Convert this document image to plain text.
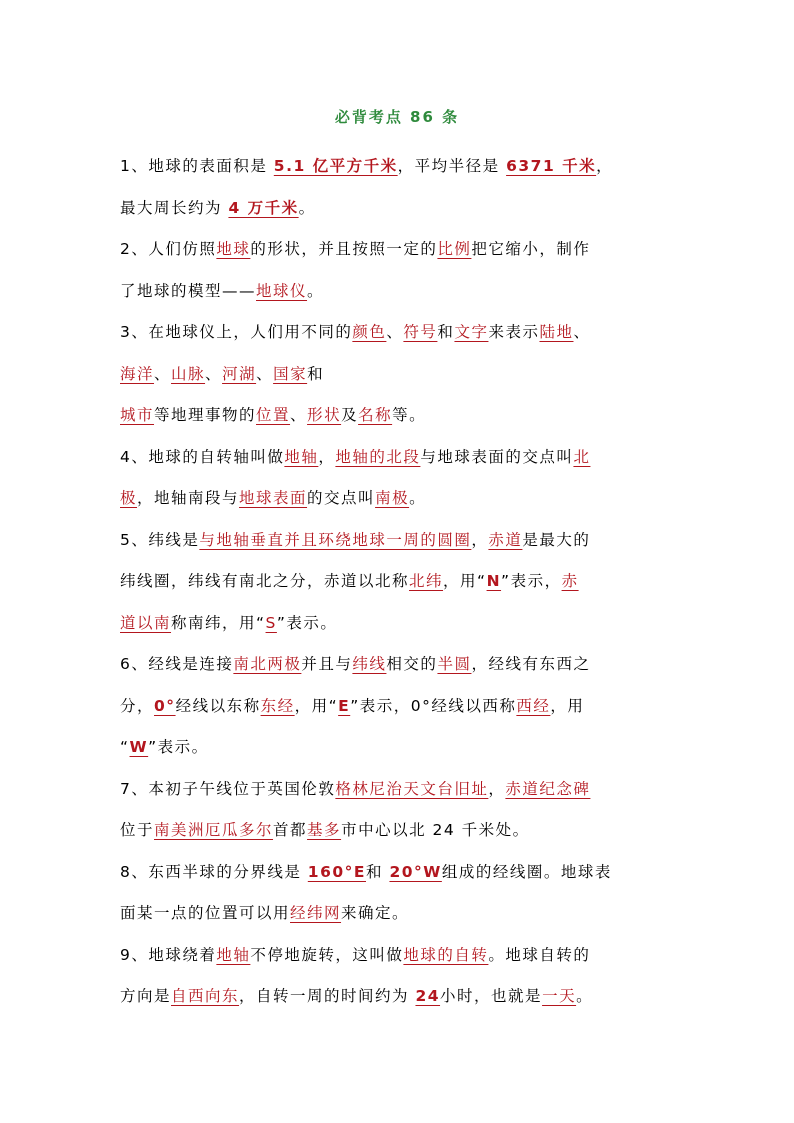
必背考点 86 条
1、地球的表面积是 5.1 亿平方千米，平均半径是 6371 千米，
最大周长约为 4 万千米。
2、人们仿照地球的形状，并且按照一定的比例把它缩小，制作
了地球的模型——地球仪。
3、在地球仪上，人们用不同的颜色、符号和文字来表示陆地、
海洋、山脉、河湖、国家和
城市等地理事物的位置、形状及名称等。
4、地球的自转轴叫做地轴，地轴的北段与地球表面的交点叫北
极，地轴南段与地球表面的交点叫南极。
5、纬线是与地轴垂直并且环绕地球一周的圆圈，赤道是最大的
纬线圈，纬线有南北之分，赤道以北称北纬，用“N”表示，赤
道以南称南纬，用“S”表示。
6、经线是连接南北两极并且与纬线相交的半圆，经线有东西之
分，0°经线以东称东经，用“E”表示，0°经线以西称西经，用
“W”表示。
7、本初子午线位于英国伦敦格林尼治天文台旧址，赤道纪念碑
位于南美洲厄瓜多尔首都基多市中心以北 24 千米处。
8、东西半球的分界线是 160°E和 20°W组成的经线圈。地球表
面某一点的位置可以用经纬网来确定。
9、地球绕着地轴不停地旋转，这叫做地球的自转。地球自转的
方向是自西向东，自转一周的时间约为 24小时，也就是一天。
